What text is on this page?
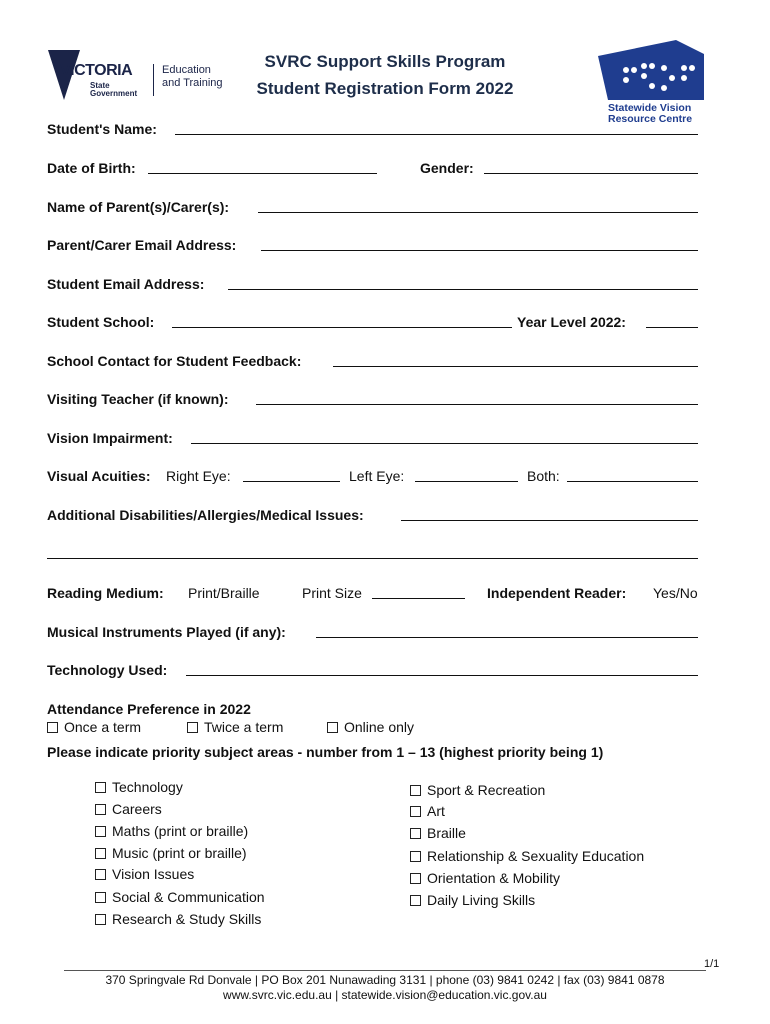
VICTORIA
State
Government
Education
and Training
SVRC Support Skills Program
Student Registration Form 2022
Statewide Vision
Resource Centre
Student's Name:
Date of Birth:	Gender:
Name of Parent(s)/Carer(s):
Parent/Carer Email Address:
Student Email Address:
Student School:	Year Level 2022:
School Contact for Student Feedback:
Visiting Teacher (if known):
Vision Impairment:
Visual Acuities: Right Eye:	Left Eye:	Both:
Additional Disabilities/Allergies/Medical Issues:
Reading Medium: Print/Braille	Print Size	Independent Reader: Yes/No
Musical Instruments Played (if any):
Technology Used:
Attendance Preference in 2022
Once a term	Twice a term	Online only
Please indicate priority subject areas - number from 1 – 13 (highest priority being 1)
Technology
Careers
Maths (print or braille)
Music (print or braille)
Vision Issues
Social & Communication
Research & Study Skills
Sport & Recreation
Art
Braille
Relationship & Sexuality Education
Orientation & Mobility
Daily Living Skills
1/1
370 Springvale Rd Donvale | PO Box 201 Nunawading 3131 | phone (03) 9841 0242 | fax (03) 9841 0878
www.svrc.vic.edu.au | statewide.vision@education.vic.gov.au
